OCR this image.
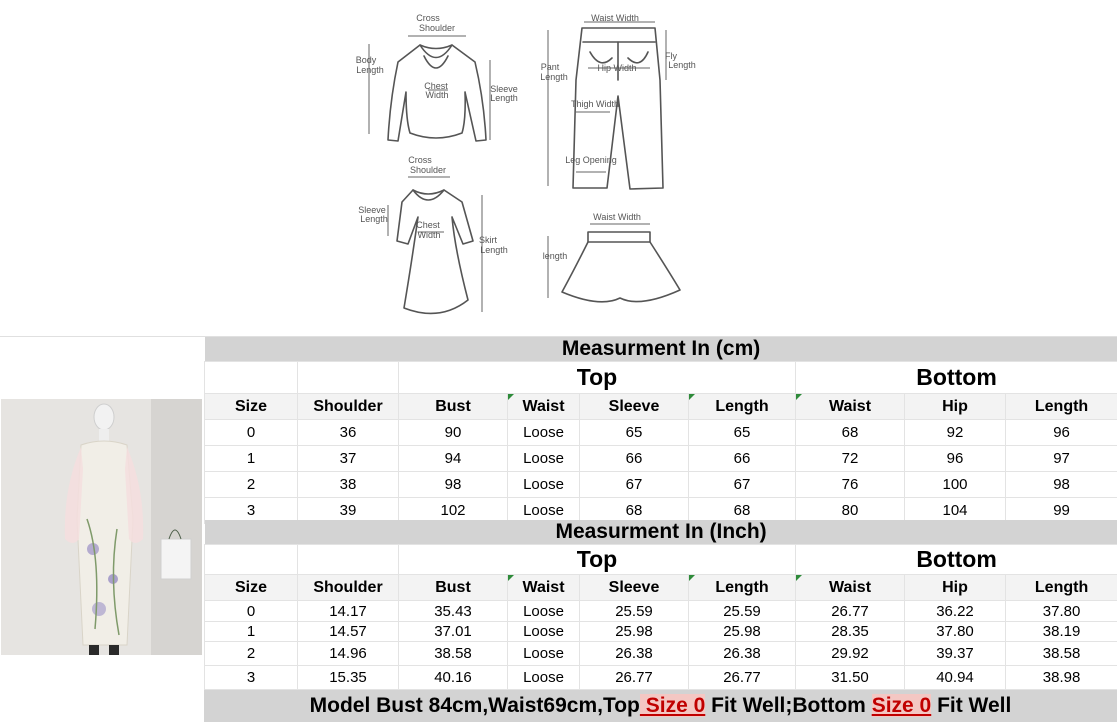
Cross
Shoulder
Body
Length
Chest
Width
Sleeve
Length
Waist Width
Pant
Length
Hip Width
Fly
Length
Thigh Width
Leg Opening
Cross
Shoulder
Sleeve
Length
Chest
Width	Skirt
Length
Waist Width
length
Measurment In (cm)								
		Top				Bottom		
Size	Shoulder	Bust	Waist	Sleeve	Length	Waist	Hip	Length
0	36	90	Loose	65	65	68	92	96
1	37	94	Loose	66	66	72	96	97
2	38	98	Loose	67	67	76	100	98
3	39	102	Loose	68	68	80	104	99
Measurment In (Inch)								
		Top				Bottom		
Size	Shoulder	Bust	Waist	Sleeve	Length	Waist	Hip	Length
0	14.17	35.43	Loose	25.59	25.59	26.77	36.22	37.80
1	14.57	37.01	Loose	25.98	25.98	28.35	37.80	38.19
2	14.96	38.58	Loose	26.38	26.38	29.92	39.37	38.58
3	15.35	40.16	Loose	26.77	26.77	31.50	40.94	38.98
Model Bust 84cm,Waist69cm,Top Size 0 Fit Well;Bottom Size 0 Fit Well
